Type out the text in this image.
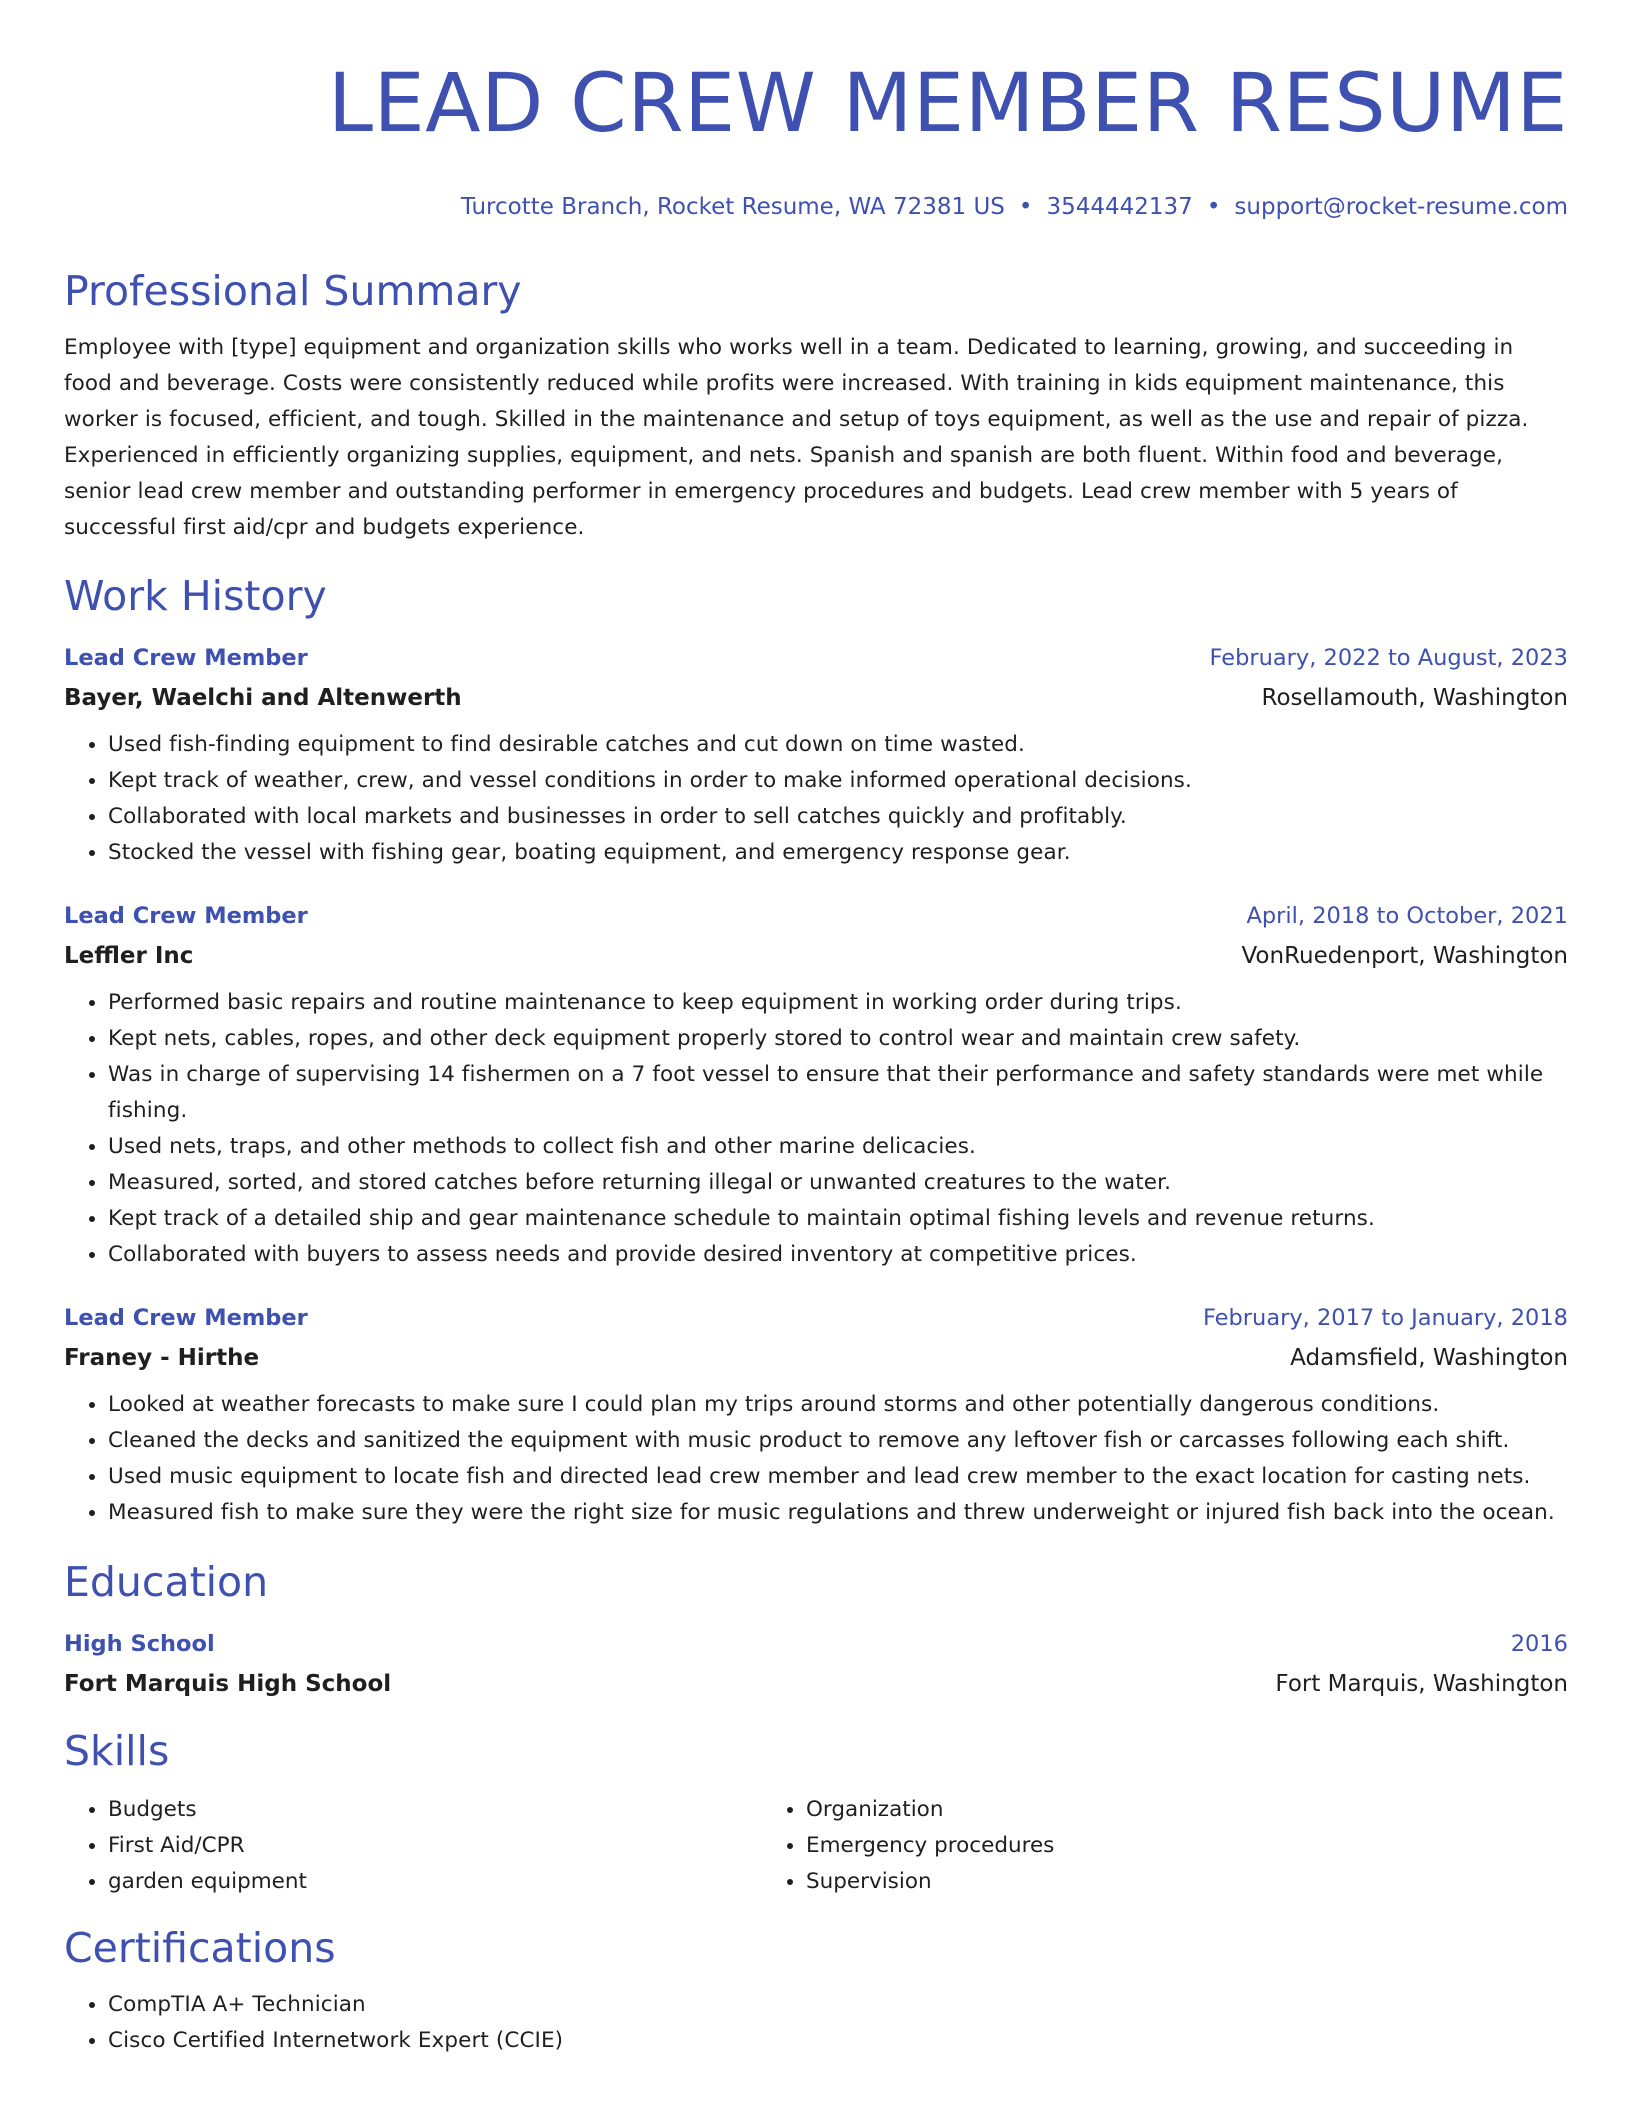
LEAD CREW MEMBER RESUME
Turcotte Branch, Rocket Resume, WA 72381 US • 3544442137 • support@rocket-resume.com
Professional Summary
Employee with [type] equipment and organization skills who works well in a team. Dedicated to learning, growing, and succeeding in food and beverage. Costs were consistently reduced while profits were increased. With training in kids equipment maintenance, this worker is focused, efficient, and tough. Skilled in the maintenance and setup of toys equipment, as well as the use and repair of pizza. Experienced in efficiently organizing supplies, equipment, and nets. Spanish and spanish are both fluent. Within food and beverage, senior lead crew member and outstanding performer in emergency procedures and budgets. Lead crew member with 5 years of successful first aid/cpr and budgets experience.
Work History
Lead Crew Member	February, 2022 to August, 2023
Bayer, Waelchi and Altenwerth	Rosellamouth, Washington
• Used fish-finding equipment to find desirable catches and cut down on time wasted.
• Kept track of weather, crew, and vessel conditions in order to make informed operational decisions.
• Collaborated with local markets and businesses in order to sell catches quickly and profitably.
• Stocked the vessel with fishing gear, boating equipment, and emergency response gear.
Lead Crew Member	April, 2018 to October, 2021
Leffler Inc	VonRuedenport, Washington
• Performed basic repairs and routine maintenance to keep equipment in working order during trips.
• Kept nets, cables, ropes, and other deck equipment properly stored to control wear and maintain crew safety.
• Was in charge of supervising 14 fishermen on a 7 foot vessel to ensure that their performance and safety standards were met while fishing.
• Used nets, traps, and other methods to collect fish and other marine delicacies.
• Measured, sorted, and stored catches before returning illegal or unwanted creatures to the water.
• Kept track of a detailed ship and gear maintenance schedule to maintain optimal fishing levels and revenue returns.
• Collaborated with buyers to assess needs and provide desired inventory at competitive prices.
Lead Crew Member	February, 2017 to January, 2018
Franey - Hirthe	Adamsfield, Washington
• Looked at weather forecasts to make sure I could plan my trips around storms and other potentially dangerous conditions.
• Cleaned the decks and sanitized the equipment with music product to remove any leftover fish or carcasses following each shift.
• Used music equipment to locate fish and directed lead crew member and lead crew member to the exact location for casting nets.
• Measured fish to make sure they were the right size for music regulations and threw underweight or injured fish back into the ocean.
Education
High School	2016
Fort Marquis High School	Fort Marquis, Washington
Skills
• Budgets
• First Aid/CPR
• garden equipment
• Organization
• Emergency procedures
• Supervision
Certifications
• CompTIA A+ Technician
• Cisco Certified Internetwork Expert (CCIE)
